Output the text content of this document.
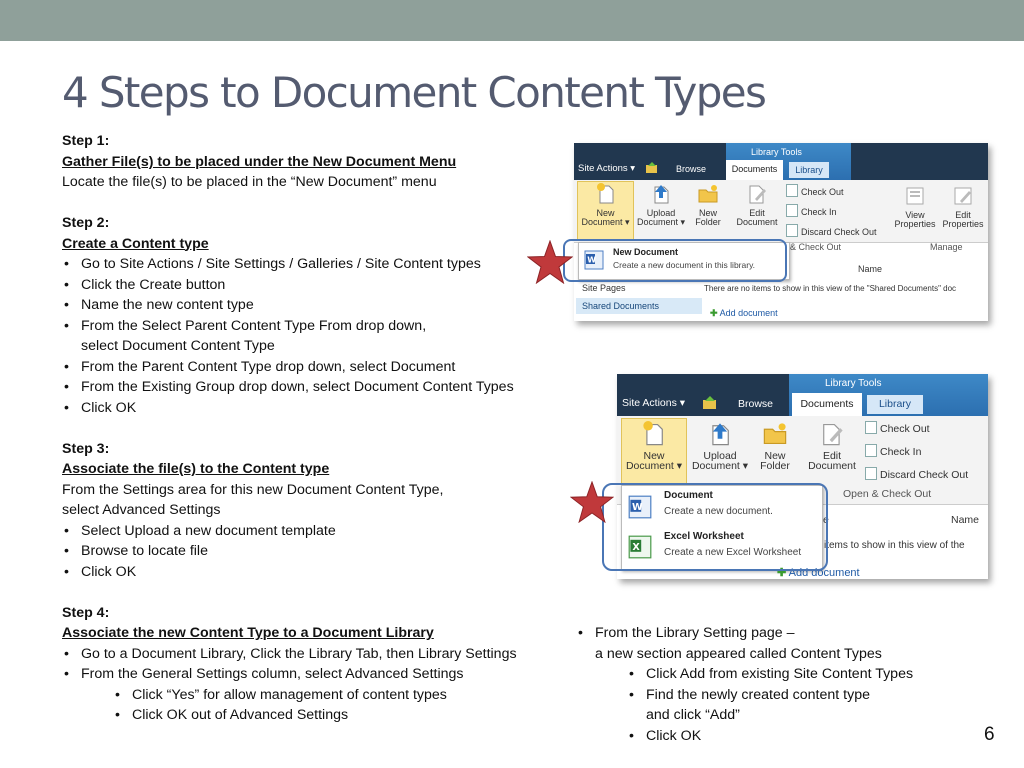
4 Steps to Document Content Types
Step 1:
Gather File(s) to be placed under the New Document Menu
Locate the file(s) to be placed in the “New Document” menu
Step 2:
Create a Content type
• Go to Site Actions / Site Settings / Galleries / Site Content types
• Click the Create button
• Name the new content type
• From the Select Parent Content Type From drop down,
select Document Content Type
• From the Parent Content Type drop down, select Document
• From the Existing Group drop down, select Document Content Types
• Click OK
Step 3:
Associate the file(s) to the Content type
From the Settings area for this new Document Content Type,
select Advanced Settings
• Select Upload a new document template
• Browse to locate file
• Click OK
Step 4:
Associate the new Content Type to a Document Library
• Go to a Document Library, Click the Library Tab, then Library Settings
• From the General Settings column, select Advanced Settings
• Click “Yes” for allow management of content types
• Click OK out of Advanced Settings
• From the Library Setting page –
a new section appeared called Content Types
• Click Add from existing Site Content Types
• Find the newly created content type
and click “Add”
• Click OK	6
Library Tools
Site Actions ▾	Browse	Documents	Library
New
Document ▾
Upload
Document ▾
New
Folder
Edit
Document
Check Out
Check In
Discard Check Out
& Check Out
View
Properties
Edit
Properties
Manage
W
New Document
Create a new document in this library.	Name
Site Pages
Shared Documents
There are no items to show in this view of the "Shared Documents" doc
✚ Add document
Library Tools
Site Actions ▾	Browse	Documents	Library
New
Document ▾
Upload
Document ▾
New
Folder
Edit
Document
Check Out
Check In
Discard Check Out
Open & Check Out
W
Document
Create a new document.
X
Excel Worksheet
Create a new Excel Worksheet
e	Name
items to show in this view of the
✚ Add document
